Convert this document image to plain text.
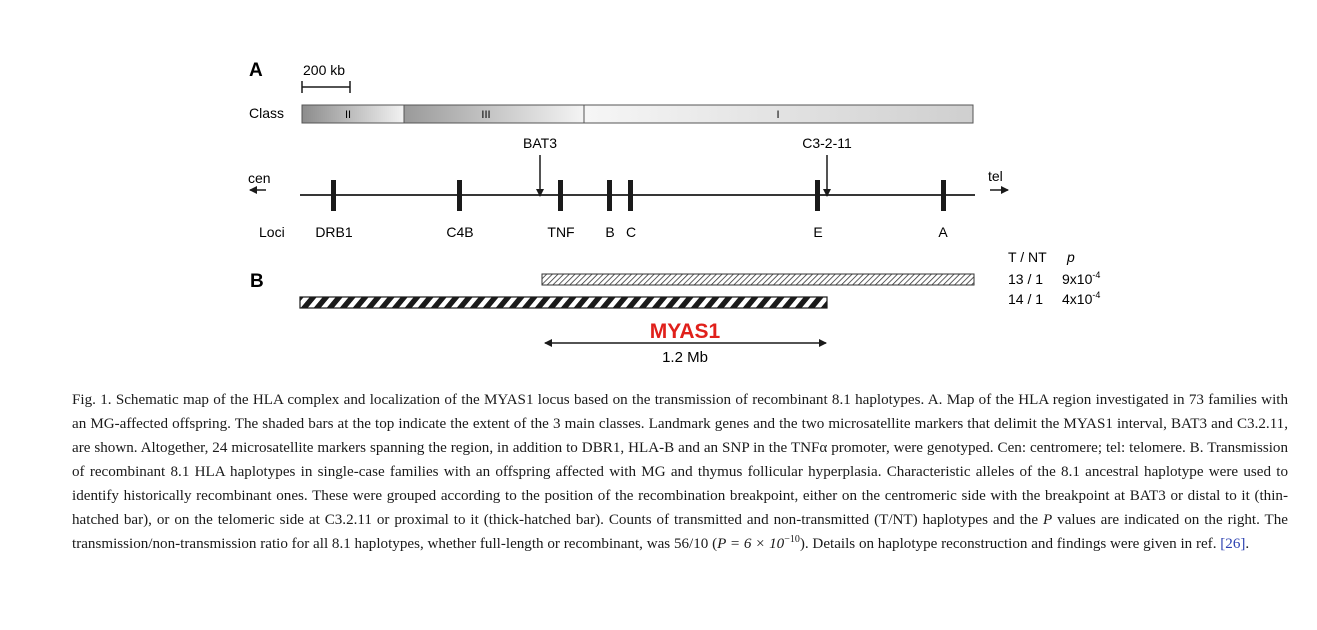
A
B
200 kb
Class	II	III	I
BAT3	C3-2-11
cen	tel
Loci DRB1	C4B	TNF B C	E	A
T / NT p
13 / 1 $9x10^{-4}$
14 / 1 $4x10^{-4}$
MYAS1
1.2 Mb
Fig. 1. Schematic map of the HLA complex and localization of the MYAS1 locus based on the transmission of recombinant 8.1 haplotypes. A. Map of the HLA region investigated in 73 families with an MG-affected offspring. The shaded bars at the top indicate the extent of the 3 main classes. Landmark genes and the two microsatellite markers that delimit the MYAS1 interval, BAT3 and C3.2.11, are shown. Altogether, 24 microsatellite markers spanning the region, in addition to DBR1, HLA-B and an SNP in the TNFα promoter, were genotyped. Cen: centromere; tel: telomere. B. Transmission of recombinant 8.1 HLA haplotypes in single-case families with an offspring affected with MG and thymus follicular hyperplasia. Characteristic alleles of the 8.1 ancestral haplotype were used to identify historically recombinant ones. These were grouped according to the position of the recombination breakpoint, either on the centromeric side with the breakpoint at BAT3 or distal to it (thin-hatched bar), or on the telomeric side at C3.2.11 or proximal to it (thick-hatched bar). Counts of transmitted and non-transmitted (T/NT) haplotypes and the P values are indicated on the right. The transmission/non-transmission ratio for all 8.1 haplotypes, whether full-length or recombinant, was 56/10 $(P = 6 \times 10^{-10})$. Details on haplotype reconstruction and findings were given in ref. [26].
